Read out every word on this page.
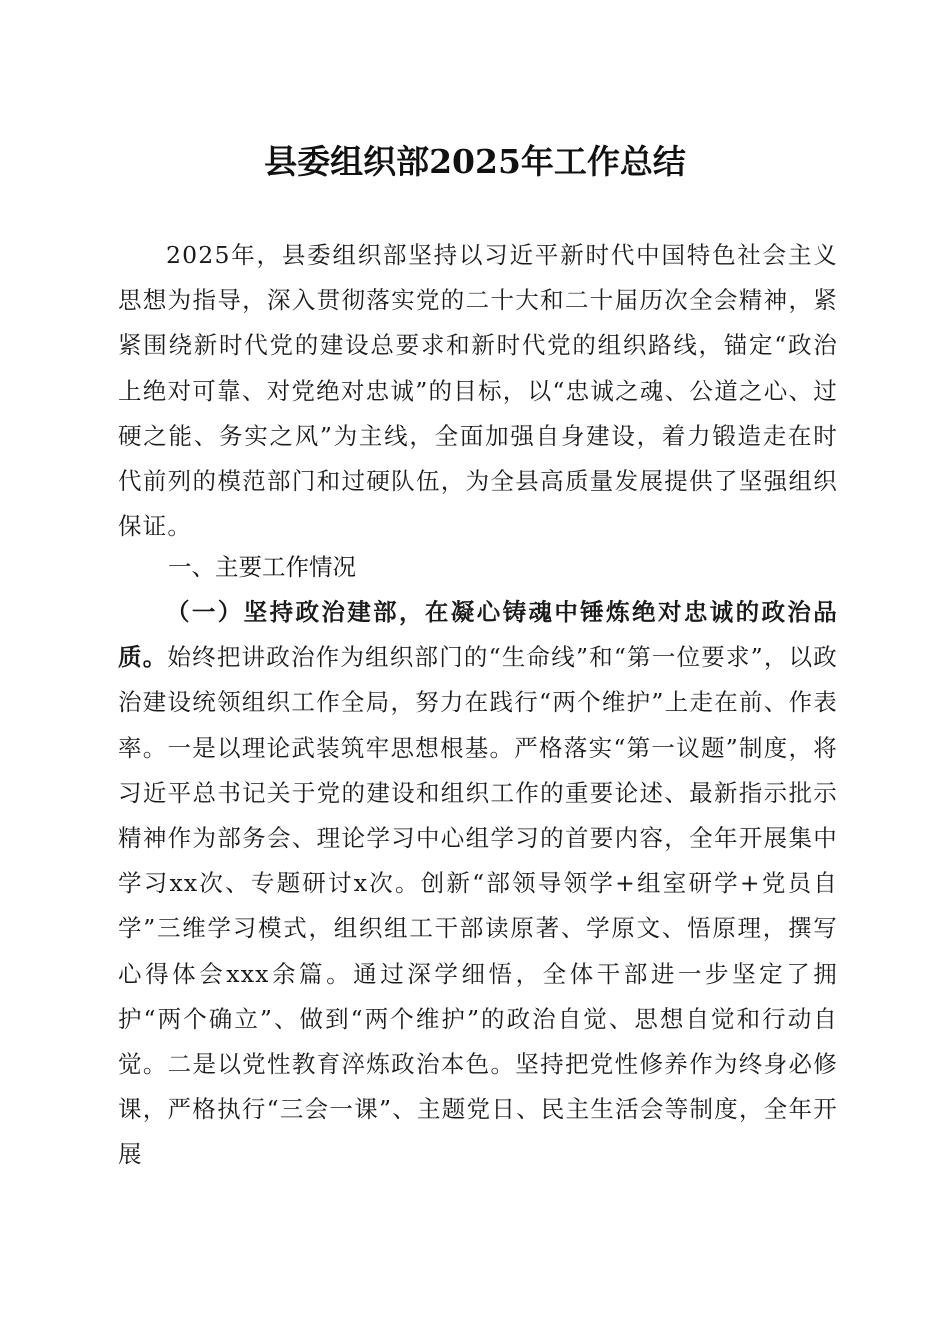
县委组织部2025年工作总结
2025年，县委组织部坚持以习近平新时代中国特色社会主义思想为指导，深入贯彻落实党的二十大和二十届历次全会精神，紧紧围绕新时代党的建设总要求和新时代党的组织路线，锚定“政治上绝对可靠、对党绝对忠诚”的目标，以“忠诚之魂、公道之心、过硬之能、务实之风”为主线，全面加强自身建设，着力锻造走在时代前列的模范部门和过硬队伍，为全县高质量发展提供了坚强组织保证。
一、主要工作情况
（一）坚持政治建部，在凝心铸魂中锤炼绝对忠诚的政治品质。始终把讲政治作为组织部门的“生命线”和“第一位要求”，以政治建设统领组织工作全局，努力在践行“两个维护”上走在前、作表率。一是以理论武装筑牢思想根基。严格落实“第一议题”制度，将习近平总书记关于党的建设和组织工作的重要论述、最新指示批示精神作为部务会、理论学习中心组学习的首要内容，全年开展集中学习xx次、专题研讨x次。创新“部领导领学+组室研学+党员自学”三维学习模式，组织组工干部读原著、学原文、悟原理，撰写心得体会xxx余篇。通过深学细悟，全体干部进一步坚定了拥护“两个确立”、做到“两个维护”的政治自觉、思想自觉和行动自觉。二是以党性教育淬炼政治本色。坚持把党性修养作为终身必修课，严格执行“三会一课”、主题党日、民主生活会等制度，全年开展
